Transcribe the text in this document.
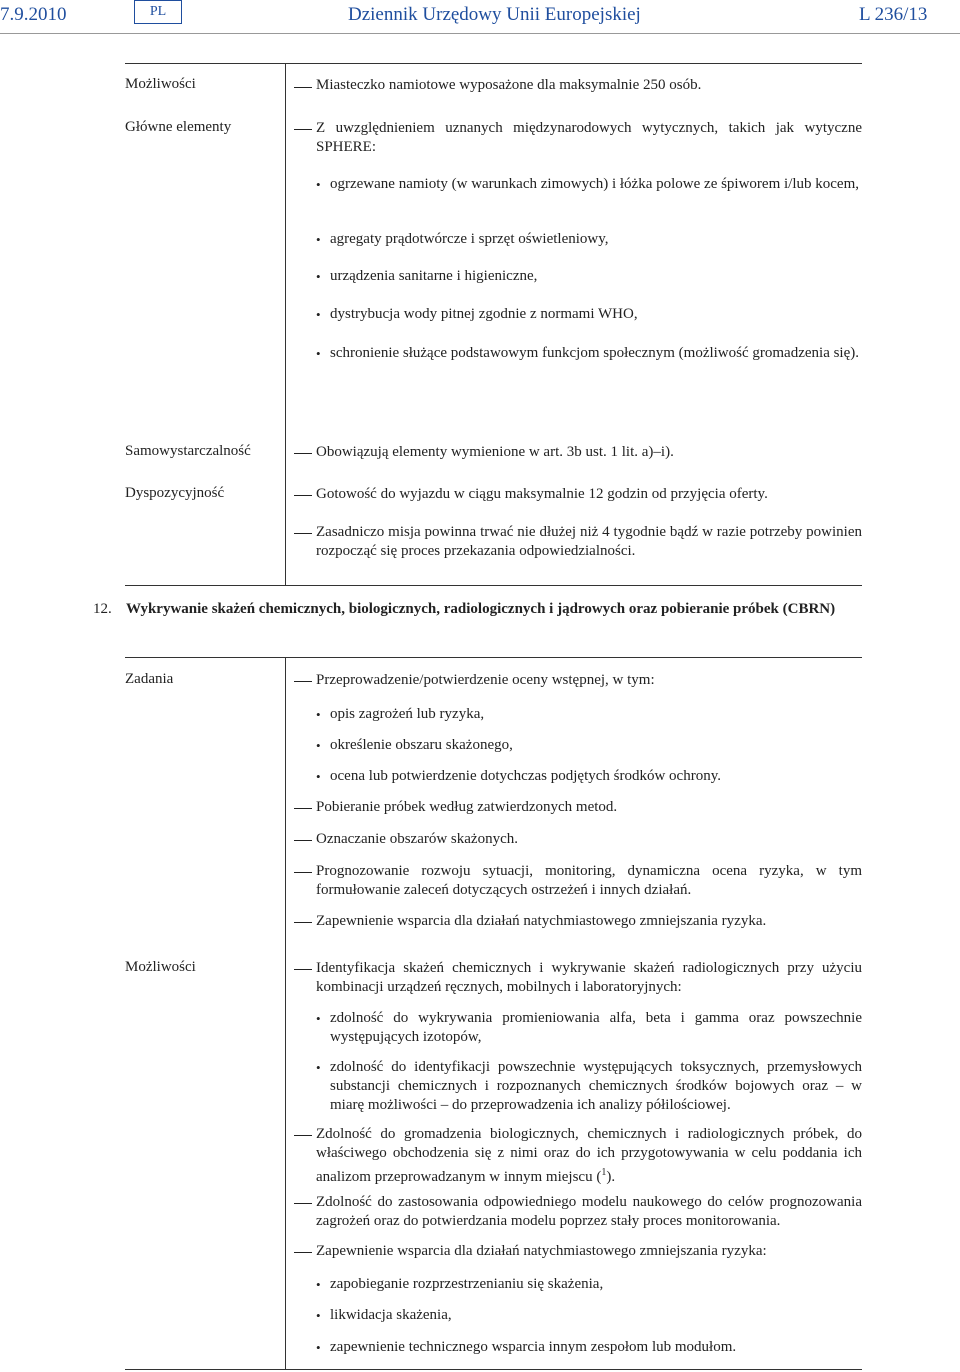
7.9.2010	PL	Dziennik Urzędowy Unii Europejskiej	L 236/13
Możliwości	Miasteczko namiotowe wyposażone dla maksymalnie 250 osób.
Główne elementy	Z uwzględnieniem uznanych międzynarodowych wytycznych, takich jak wytyczne SPHERE:
• ogrzewane namioty (w warunkach zimowych) i łóżka polowe ze śpiworem i/lub kocem,
• agregaty prądotwórcze i sprzęt oświetleniowy,
• urządzenia sanitarne i higieniczne,
• dystrybucja wody pitnej zgodnie z normami WHO,
• schronienie służące podstawowym funkcjom społecznym (możliwość gromadzenia się).
Samowystarczalność	Obowiązują elementy wymienione w art. 3b ust. 1 lit. a)–i).
Dyspozycyjność	Gotowość do wyjazdu w ciągu maksymalnie 12 godzin od przyjęcia oferty.
Zasadniczo misja powinna trwać nie dłużej niż 4 tygodnie bądź w razie potrzeby powinien rozpocząć się proces przekazania odpowiedzialności.
12. Wykrywanie skażeń chemicznych, biologicznych, radiologicznych i jądrowych oraz pobieranie próbek (CBRN)
Zadania	Przeprowadzenie/potwierdzenie oceny wstępnej, w tym:
• opis zagrożeń lub ryzyka,
• określenie obszaru skażonego,
• ocena lub potwierdzenie dotychczas podjętych środków ochrony.
Pobieranie próbek według zatwierdzonych metod.
Oznaczanie obszarów skażonych.
Prognozowanie rozwoju sytuacji, monitoring, dynamiczna ocena ryzyka, w tym formułowanie zaleceń dotyczących ostrzeżeń i innych działań.
Zapewnienie wsparcia dla działań natychmiastowego zmniejszania ryzyka.
Możliwości	Identyfikacja skażeń chemicznych i wykrywanie skażeń radiologicznych przy użyciu kombinacji urządzeń ręcznych, mobilnych i laboratoryjnych:
• zdolność do wykrywania promieniowania alfa, beta i gamma oraz powszechnie występujących izotopów,
• zdolność do identyfikacji powszechnie występujących toksycznych, przemysłowych substancji chemicznych i rozpoznanych chemicznych środków bojowych oraz – w miarę możliwości – do przeprowadzenia ich analizy półilościowej.
Zdolność do gromadzenia biologicznych, chemicznych i radiologicznych próbek, do właściwego obchodzenia się z nimi oraz do ich przygotowywania w celu poddania ich analizom przeprowadzanym w innym miejscu ($^1$).
Zdolność do zastosowania odpowiedniego modelu naukowego do celów prognozowania zagrożeń oraz do potwierdzania modelu poprzez stały proces monitorowania.
Zapewnienie wsparcia dla działań natychmiastowego zmniejszania ryzyka:
• zapobieganie rozprzestrzenianiu się skażenia,
• likwidacja skażenia,
• zapewnienie technicznego wsparcia innym zespołom lub modułom.
